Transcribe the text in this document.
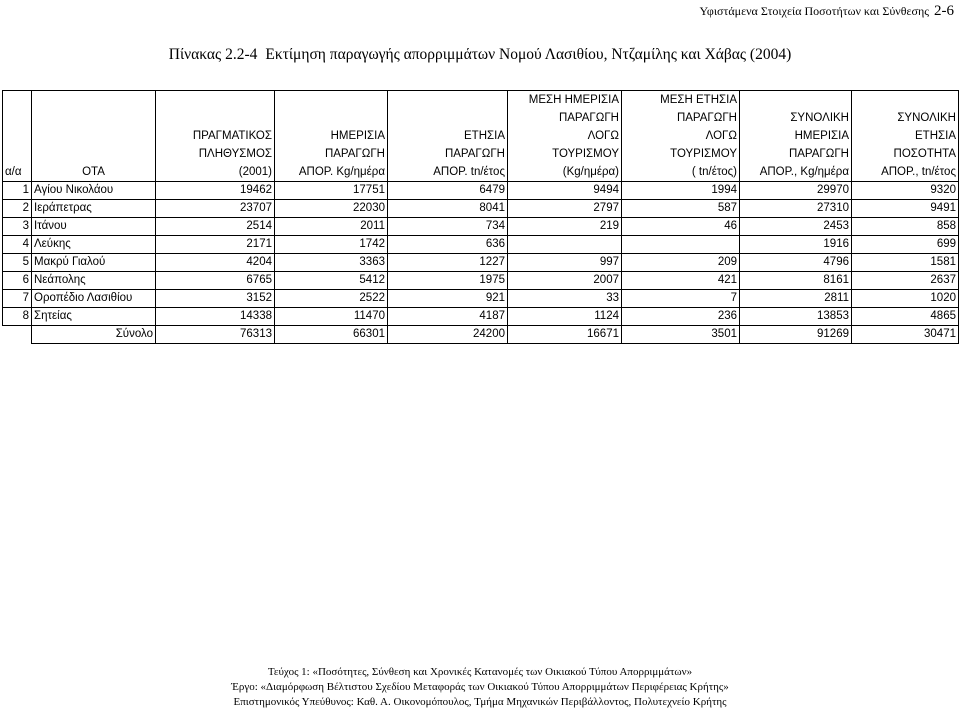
Υφιστάμενα Στοιχεία Ποσοτήτων και Σύνθεσης 2-6
Πίνακας 2.2-4 Εκτίμηση παραγωγής απορριμμάτων Νομού Λασιθίου, Ντζαμίλης και Χάβας (2004)
					ΜΕΣΗ ΗΜΕΡΙΣΙΑ	ΜΕΣΗ ΕΤΗΣΙΑ		
					ΠΑΡΑΓΩΓΗ	ΠΑΡΑΓΩΓΗ	ΣΥΝΟΛΙΚΗ	ΣΥΝΟΛΙΚΗ
		ΠΡΑΓΜΑΤΙΚΟΣ	ΗΜΕΡΙΣΙΑ	ΕΤΗΣΙΑ	ΛΟΓΩ	ΛΟΓΩ	ΗΜΕΡΙΣΙΑ	ΕΤΗΣΙΑ
		ΠΛΗΘΥΣΜΟΣ	ΠΑΡΑΓΩΓΗ	ΠΑΡΑΓΩΓΗ	ΤΟΥΡΙΣΜΟΥ	ΤΟΥΡΙΣΜΟΥ	ΠΑΡΑΓΩΓΗ	ΠΟΣΟΤΗΤΑ
α/α	ΟΤΑ	(2001)	ΑΠΟΡ. Kg/ημέρα	ΑΠΟΡ. tn/έτος	(Kg/ημέρα)	( tn/έτος)	ΑΠΟΡ., Kg/ημέρα	ΑΠΟΡ., tn/έτος
1	Αγίου Νικολάου	19462	17751	6479	9494	1994	29970	9320
2	Ιεράπετρας	23707	22030	8041	2797	587	27310	9491
3	Ιτάνου	2514	2011	734	219	46	2453	858
4	Λεύκης	2171	1742	636			1916	699
5	Μακρύ Γιαλού	4204	3363	1227	997	209	4796	1581
6	Νεάπολης	6765	5412	1975	2007	421	8161	2637
7	Οροπέδιο Λασιθίου	3152	2522	921	33	7	2811	1020
8	Σητείας	14338	11470	4187	1124	236	13853	4865
	Σύνολο	76313	66301	24200	16671	3501	91269	30471
Τεύχος 1: «Ποσότητες, Σύνθεση και Χρονικές Κατανομές των Οικιακού Τύπου Απορριμμάτων»
Έργο: «Διαμόρφωση Βέλτιστου Σχεδίου Μεταφοράς των Οικιακού Τύπου Απορριμμάτων Περιφέρειας Κρήτης»
Επιστημονικός Υπεύθυνος: Καθ. Α. Οικονομόπουλος, Τμήμα Μηχανικών Περιβάλλοντος, Πολυτεχνείο Κρήτης
